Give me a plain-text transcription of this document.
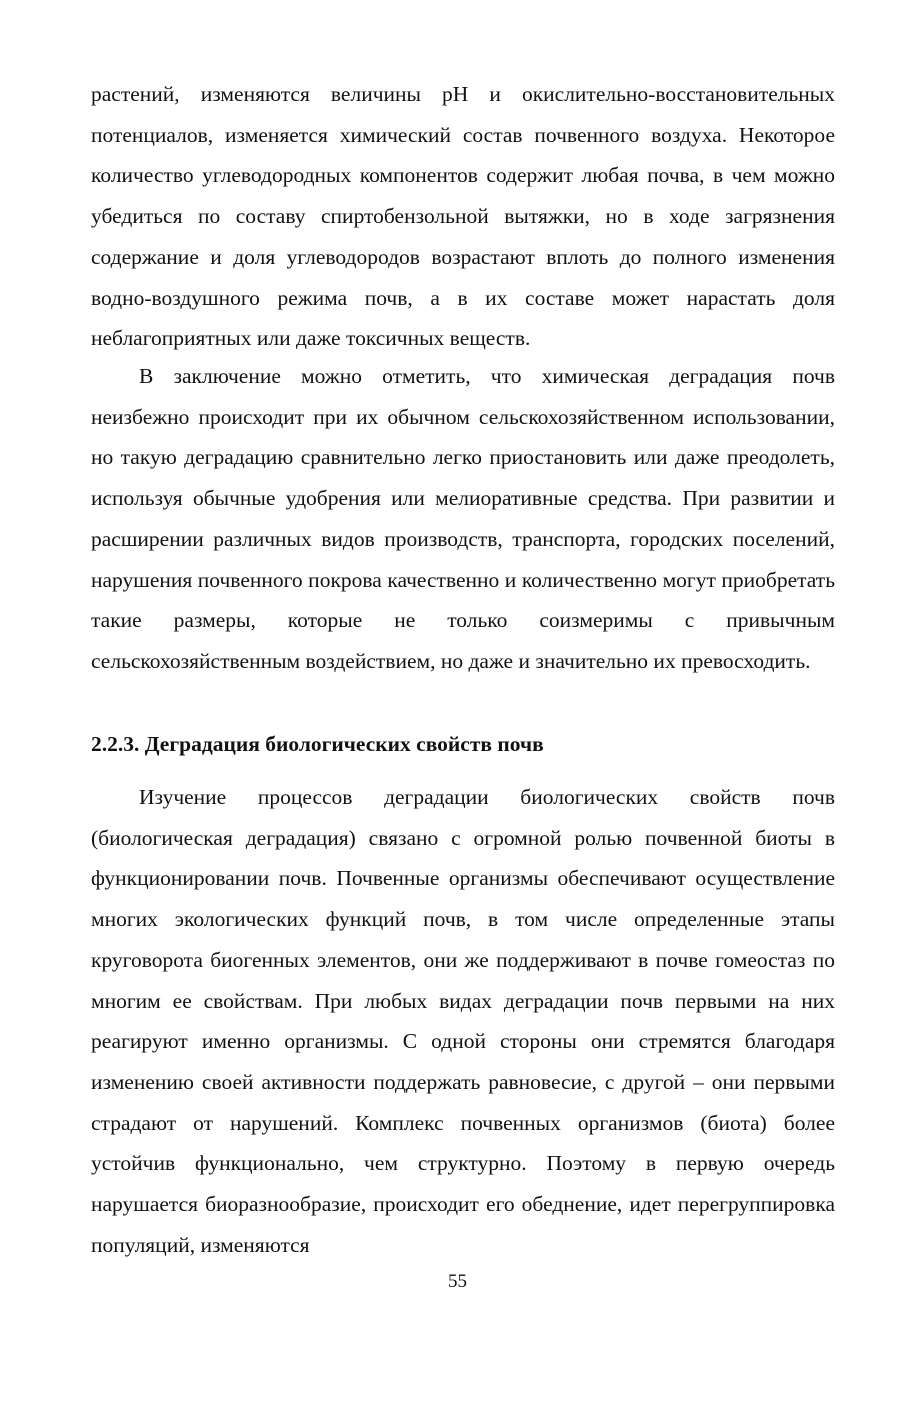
растений, изменяются величины pH и окислительно-восстановительных потенциалов, изменяется химический состав почвенного воздуха. Некоторое количество углеводородных компонентов содержит любая почва, в чем можно убедиться по составу спиртобензольной вытяжки, но в ходе загрязнения содержание и доля углеводородов возрастают вплоть до полного изменения водно-воздушного режима почв, а в их составе может нарастать доля неблагоприятных или даже токсичных веществ.

В заключение можно отметить, что химическая деградация почв неизбежно происходит при их обычном сельскохозяйственном использовании, но такую деградацию сравнительно легко приостановить или даже преодолеть, используя обычные удобрения или мелиоративные средства. При развитии и расширении различных видов производств, транспорта, городских поселений, нарушения почвенного покрова качественно и количественно могут приобретать такие размеры, которые не только соизмеримы с привычным сельскохозяйственным воздействием, но даже и значительно их превосходить.

2.2.3. Деградация биологических свойств почв

Изучение процессов деградации биологических свойств почв (биологическая деградация) связано с огромной ролью почвенной биоты в функционировании почв. Почвенные организмы обеспечивают осуществление многих экологических функций почв, в том числе определенные этапы круговорота биогенных элементов, они же поддерживают в почве гомеостаз по многим ее свойствам. При любых видах деградации почв первыми на них реагируют именно организмы. С одной стороны они стремятся благодаря изменению своей активности поддержать равновесие, с другой – они первыми страдают от нарушений. Комплекс почвенных организмов (биота) более устойчив функционально, чем структурно. Поэтому в первую очередь нарушается биоразнообразие, происходит его обеднение, идет перегруппировка популяций, изменяются

55
